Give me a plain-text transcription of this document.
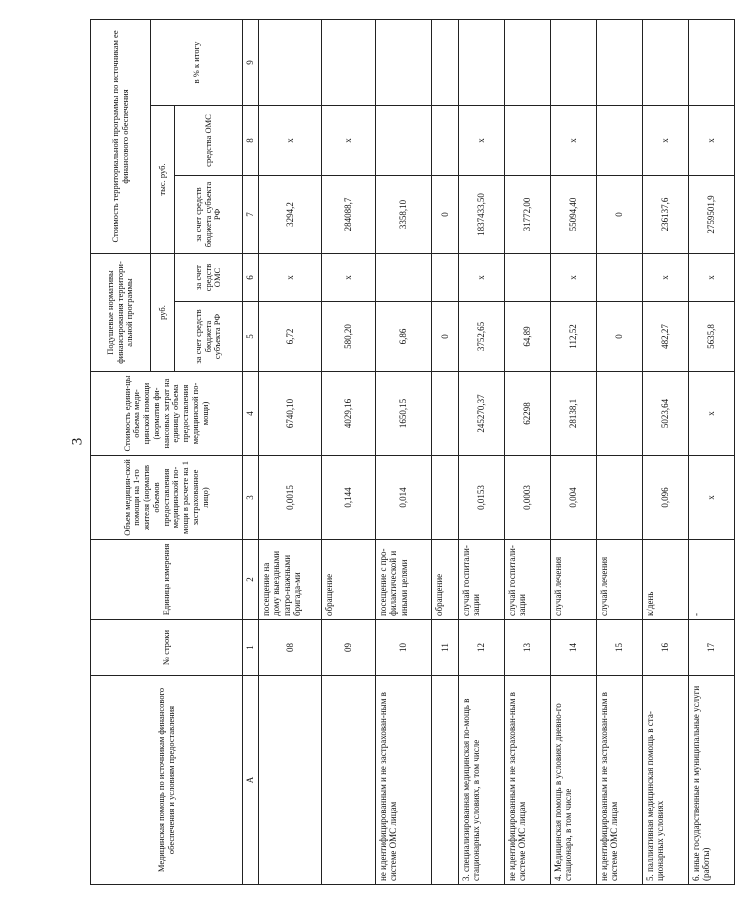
3
Медицинская помощь по источникам финансового обеспечения и условиям предоставления	№ строки	Единица измерения	Объем медицин-ской помощи на 1-го жителя (норматив объемов предоставления медицинской по-мощи в расчете на 1 застрахованное лицо)	Стоимость едини-цы объема меди-цинской помощи (норматив фи-нансовых затрат на единицу объема предоставления медицинской по-мощи)	Подушевые нормативы финансирования территори-альной программы		Стоимость территориальной программы по источникам ее финансового обеспечения		
					руб.		тыс. руб.		в % к итогу
					за счет средств бюджета субъекта РФ	за счет средств ОМС	за счет средств бюджета субъекта РФ	средства ОМС	
А	1	2	3	4	5	6	7	8	9
	08	посещение на дому выездными патро-нажными бригада-ми	0,0015	6740,10	6,72	х	3294,2	х	
	09	обращение	0,144	4029,16	580,20	х	284088,7	х	
не идентифицированным и не застрахован-ным в системе ОМС лицам	10	посещение с про-филактической и иными целями	0,014	1650,15	6,86		3358,10		
	11	обращение			0		0		
3. специализированная медицинская по-мощь в стационарных условиях, в том числе	12	случай госпитали-зации	0,0153	245270,37	3752,65	х	1837433,50	х	
не идентифицированным и не застрахован-ным в системе ОМС лицам	13	случай госпитали-зации	0,0003	62298	64,89		31772,00		
4. Медицинская помощь в условиях дневно-го стационара, в том числе	14	случай лечения	0,004	28138,1	112,52	х	55094,40	х	
не идентифицированным и не застрахован-ным в системе ОМС лицам	15	случай лечения			0		0		
5. паллиативная медицинская помощь в ста-ционарных условиях	16	к/день	0,096	5023,64	482,27	х	236137,6	х	
6. иные государственные и муниципальные услуги (работы)	17	-	х	х	5635,8	х	2759501,9	х	
